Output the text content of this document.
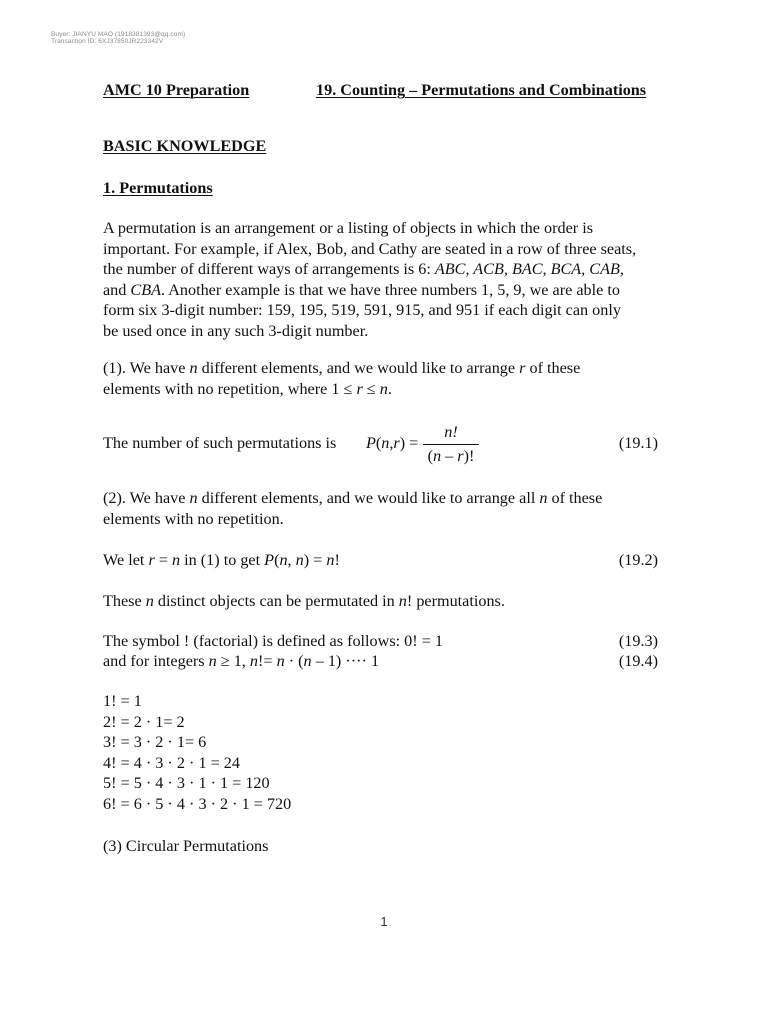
Buyer: JIANYU MAO (1918381393@qq.com)
Transaction ID: 6XJ37850JR223342V
AMC 10 Preparation	19. Counting – Permutations and Combinations
BASIC KNOWLEDGE
1. Permutations
A permutation is an arrangement or a listing of objects in which the order is
important. For example, if Alex, Bob, and Cathy are seated in a row of three seats,
the number of different ways of arrangements is 6: ABC, ACB, BAC, BCA, CAB,
and CBA. Another example is that we have three numbers 1, 5, 9, we are able to
form six 3-digit number: 159, 195, 519, 591, 915, and 951 if each digit can only
be used once in any such 3-digit number.
(1). We have n different elements, and we would like to arrange r of these
elements with no repetition, where 1 ≤ r ≤ n.
The number of such permutations is P(n,r) =
n!
(n – r)!
(19.1)
(2). We have n different elements, and we would like to arrange all n of these
elements with no repetition.
We let r = n in (1) to get P(n, n) = n!	(19.2)
These n distinct objects can be permutated in n! permutations.
The symbol ! (factorial) is defined as follows: 0! = 1	(19.3)
and for integers n ≥ 1, n!= n · (n – 1) ···· 1	(19.4)
1! = 1
2! = 2 · 1= 2
3! = 3 · 2 · 1= 6
4! = 4 · 3 · 2 · 1 = 24
5! = 5 · 4 · 3 · 1 · 1 = 120
6! = 6 · 5 · 4 · 3 · 2 · 1 = 720
(3) Circular Permutations
1
